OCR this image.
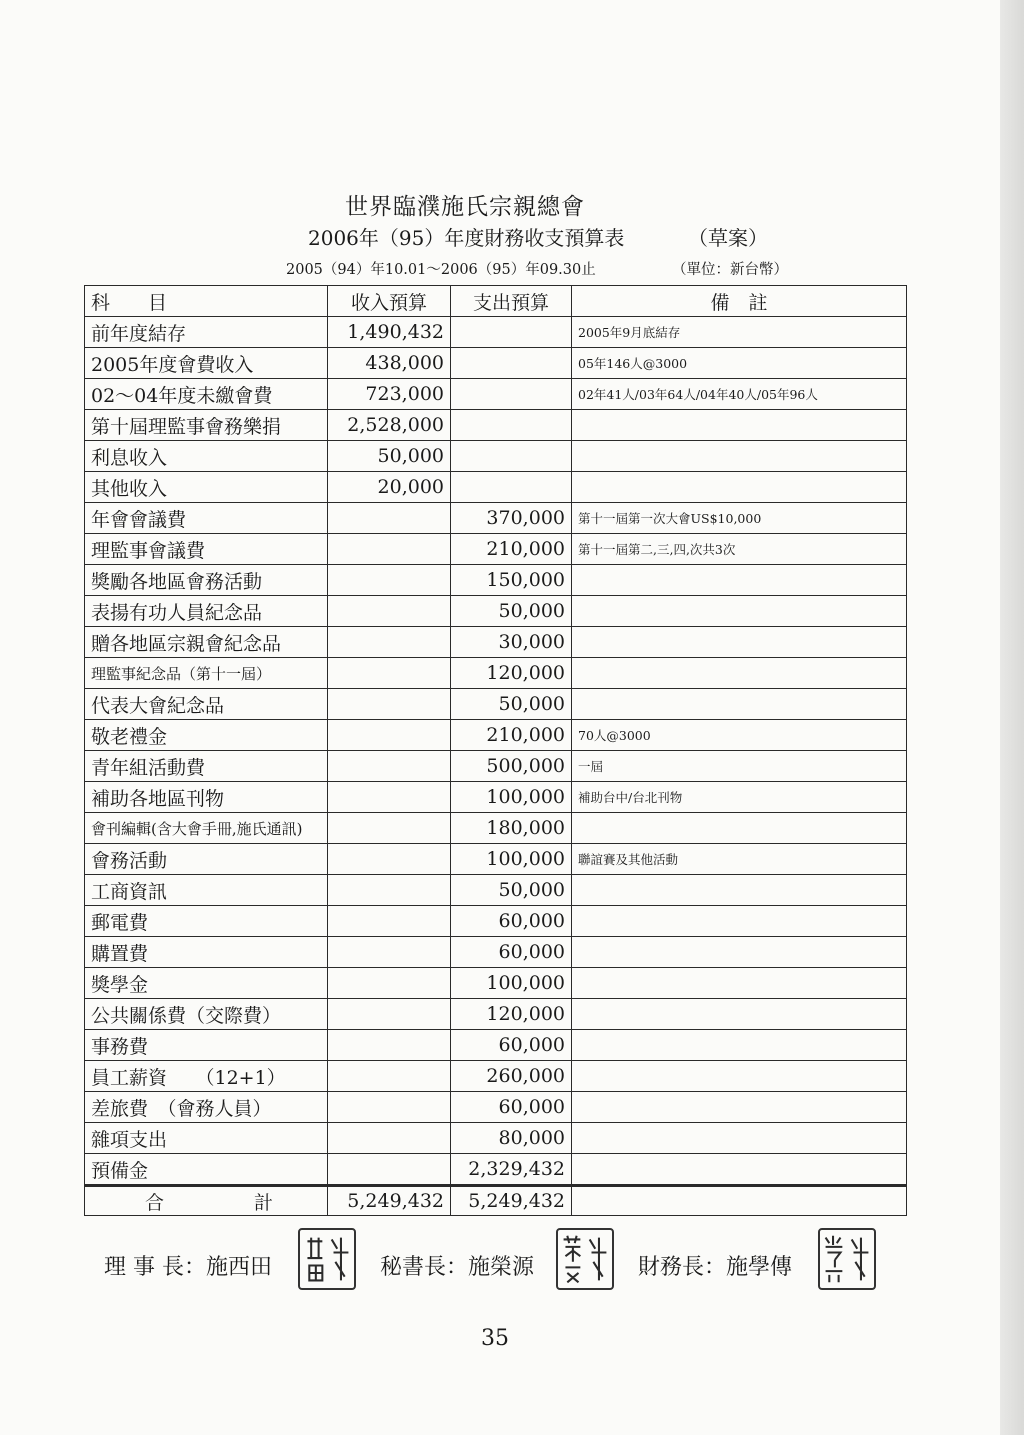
世界臨濮施氏宗親總會
2006年（95）年度財務收支預算表	（草案）
2005（94）年10.01～2006（95）年09.30止	（單位：新台幣）
科　　目	收入預算	支出預算	備　註
前年度結存	1,490,432		2005年9月底結存
2005年度會費收入	438,000		05年146人@3000
02～04年度未繳會費	723,000		02年41人/03年64人/04年40人/05年96人
第十屆理監事會務樂捐	2,528,000		
利息收入	50,000		
其他收入	20,000		
年會會議費		370,000	第十一屆第一次大會US$10,000
理監事會議費		210,000	第十一屆第二,三,四,次共3次
獎勵各地區會務活動		150,000	
表揚有功人員紀念品		50,000	
贈各地區宗親會紀念品		30,000	
理監事紀念品（第十一屆）		120,000	
代表大會紀念品		50,000	
敬老禮金		210,000	70人@3000
青年組活動費		500,000	一屆
補助各地區刊物		100,000	補助台中/台北刊物
會刊編輯(含大會手冊,施氏通訊)		180,000	
會務活動		100,000	聯誼賽及其他活動
工商資訊		50,000	
郵電費		60,000	
購置費		60,000	
獎學金		100,000	
公共關係費（交際費）		120,000	
事務費		60,000	
員工薪資　　（12+1）		260,000	
差旅費　（會務人員）		60,000	
雜項支出		80,000	
預備金		2,329,432	
合計	5,249,432	5,249,432	
理 事 長：施西田	秘書長：施榮源	財務長：施學傳
35
